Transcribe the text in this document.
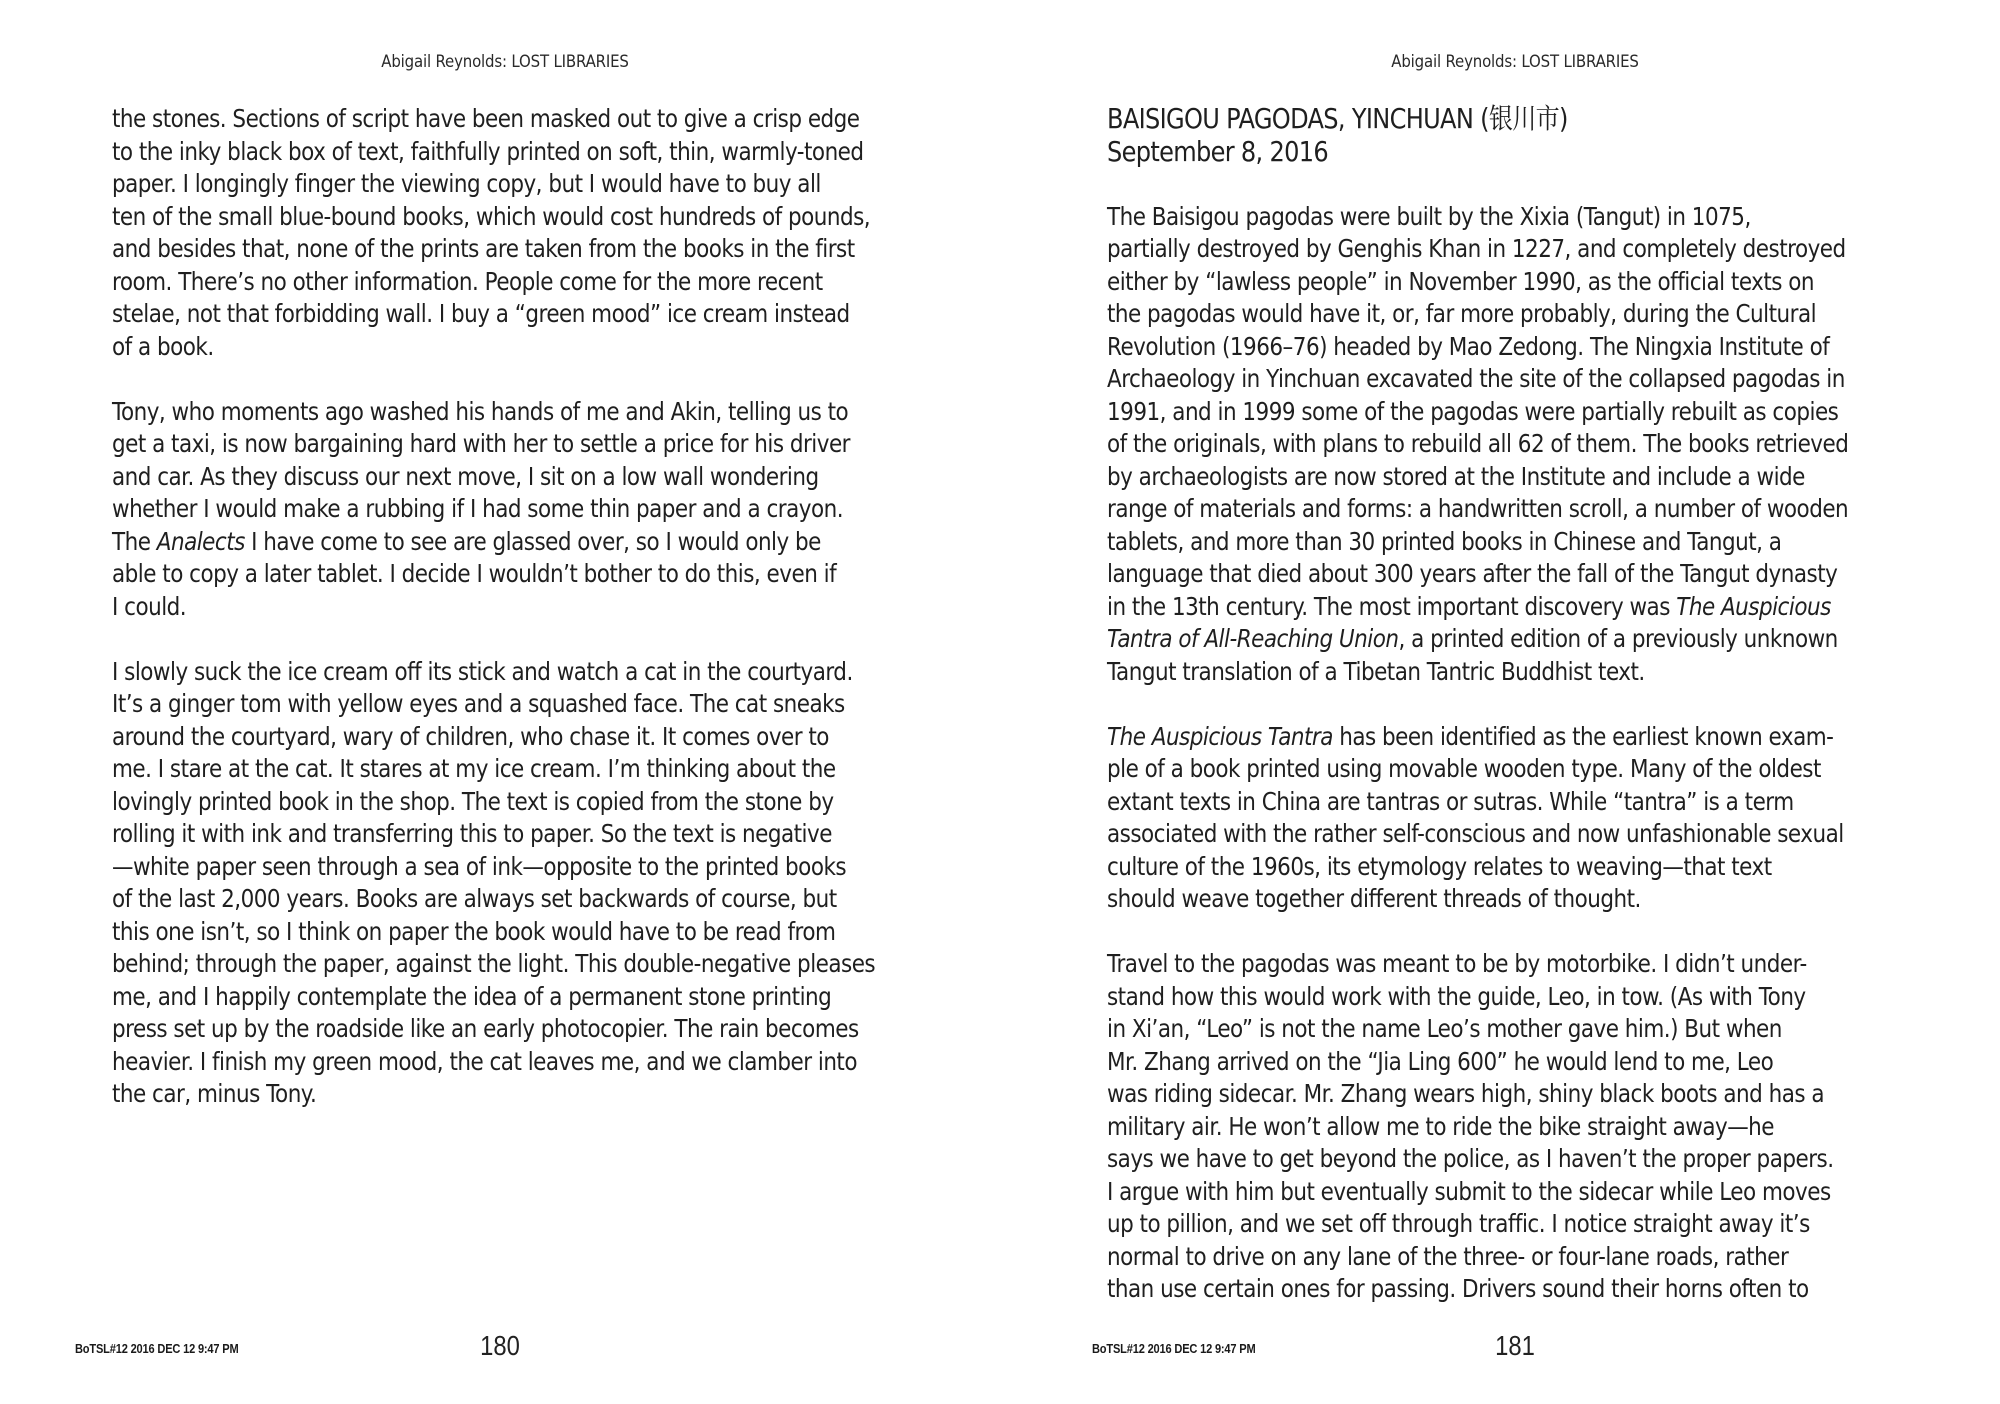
Abigail Reynolds: LOST LIBRARIES
the stones. Sections of script have been masked out to give a crisp edge
to the inky black box of text, faithfully printed on soft, thin, warmly-toned
paper. I longingly finger the viewing copy, but I would have to buy all
ten of the small blue-bound books, which would cost hundreds of pounds,
and besides that, none of the prints are taken from the books in the first
room. There’s no other information. People come for the more recent
stelae, not that forbidding wall. I buy a “green mood” ice cream instead
of a book.
Tony, who moments ago washed his hands of me and Akin, telling us to
get a taxi, is now bargaining hard with her to settle a price for his driver
and car. As they discuss our next move, I sit on a low wall wondering
whether I would make a rubbing if I had some thin paper and a crayon.
The Analects I have come to see are glassed over, so I would only be
able to copy a later tablet. I decide I wouldn’t bother to do this, even if
I could.
I slowly suck the ice cream off its stick and watch a cat in the courtyard.
It’s a ginger tom with yellow eyes and a squashed face. The cat sneaks
around the courtyard, wary of children, who chase it. It comes over to
me. I stare at the cat. It stares at my ice cream. I’m thinking about the
lovingly printed book in the shop. The text is copied from the stone by
rolling it with ink and transferring this to paper. So the text is negative
—white paper seen through a sea of ink—opposite to the printed books
of the last 2,000 years. Books are always set backwards of course, but
this one isn’t, so I think on paper the book would have to be read from
behind; through the paper, against the light. This double-negative pleases
me, and I happily contemplate the idea of a permanent stone printing
press set up by the roadside like an early photocopier. The rain becomes
heavier. I finish my green mood, the cat leaves me, and we clamber into
the car, minus Tony.
BoTSL#12 2016 DEC 12 9:47 PM	180
Abigail Reynolds: LOST LIBRARIES
BAISIGOU PAGODAS, YINCHUAN (银川市)
September 8, 2016
The Baisigou pagodas were built by the Xixia (Tangut) in 1075,
partially destroyed by Genghis Khan in 1227, and completely destroyed
either by “lawless people” in November 1990, as the official texts on
the pagodas would have it, or, far more probably, during the Cultural
Revolution (1966–76) headed by Mao Zedong. The Ningxia Institute of
Archaeology in Yinchuan excavated the site of the collapsed pagodas in
1991, and in 1999 some of the pagodas were partially rebuilt as copies
of the originals, with plans to rebuild all 62 of them. The books retrieved
by archaeologists are now stored at the Institute and include a wide
range of materials and forms: a handwritten scroll, a number of wooden
tablets, and more than 30 printed books in Chinese and Tangut, a
language that died about 300 years after the fall of the Tangut dynasty
in the 13th century. The most important discovery was The Auspicious
Tantra of All-Reaching Union, a printed edition of a previously unknown
Tangut translation of a Tibetan Tantric Buddhist text.
The Auspicious Tantra has been identified as the earliest known exam-
ple of a book printed using movable wooden type. Many of the oldest
extant texts in China are tantras or sutras. While “tantra” is a term
associated with the rather self-conscious and now unfashionable sexual
culture of the 1960s, its etymology relates to weaving—that text
should weave together different threads of thought.
Travel to the pagodas was meant to be by motorbike. I didn’t under-
stand how this would work with the guide, Leo, in tow. (As with Tony
in Xi’an, “Leo” is not the name Leo’s mother gave him.) But when
Mr. Zhang arrived on the “Jia Ling 600” he would lend to me, Leo
was riding sidecar. Mr. Zhang wears high, shiny black boots and has a
military air. He won’t allow me to ride the bike straight away—he
says we have to get beyond the police, as I haven’t the proper papers.
I argue with him but eventually submit to the sidecar while Leo moves
up to pillion, and we set off through traffic. I notice straight away it’s
normal to drive on any lane of the three- or four-lane roads, rather
than use certain ones for passing. Drivers sound their horns often to
BoTSL#12 2016 DEC 12 9:47 PM	181
